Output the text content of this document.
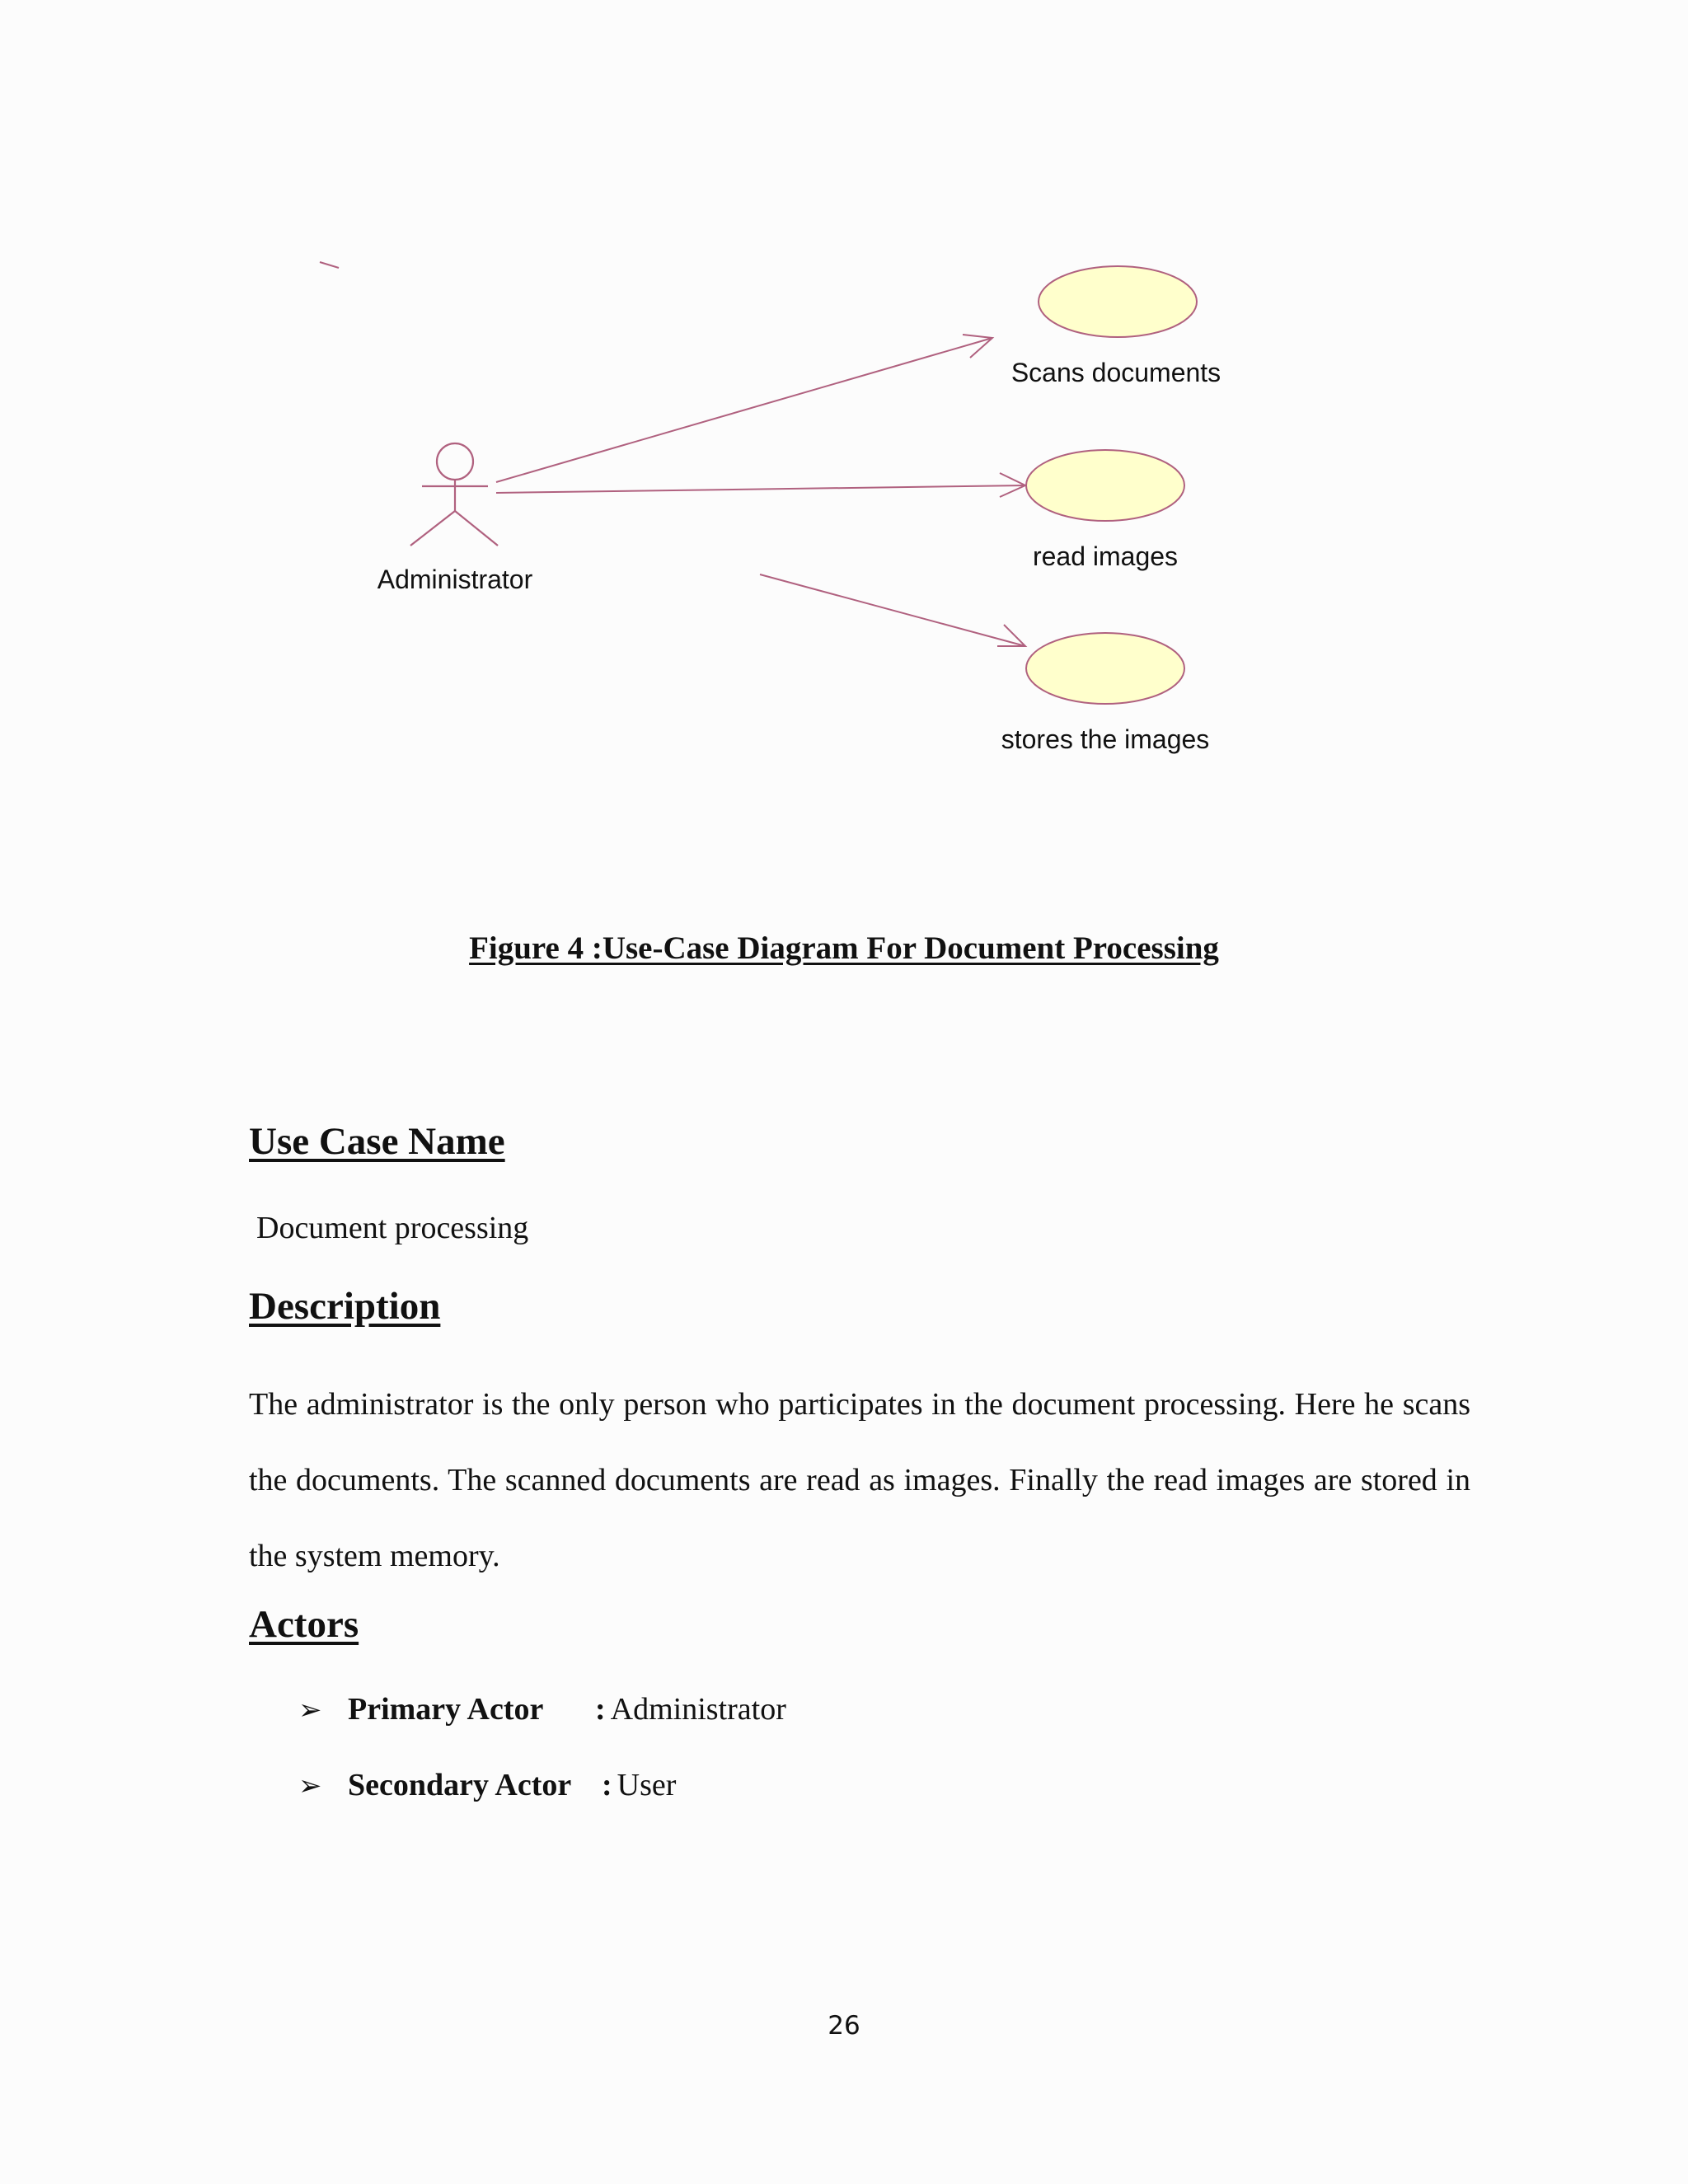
Administrator
Scans documents
read images
stores the images
Figure 4 :Use-Case Diagram For Document Processing
Use Case Name

Document processing

Description

The administrator is the only person who participates in the document processing. Here he scans the documents. The scanned documents are read as images. Finally the read images are stored in the system memory.

Actors
➢ Primary Actor	: Administrator
➢ Secondary Actor : User
26
